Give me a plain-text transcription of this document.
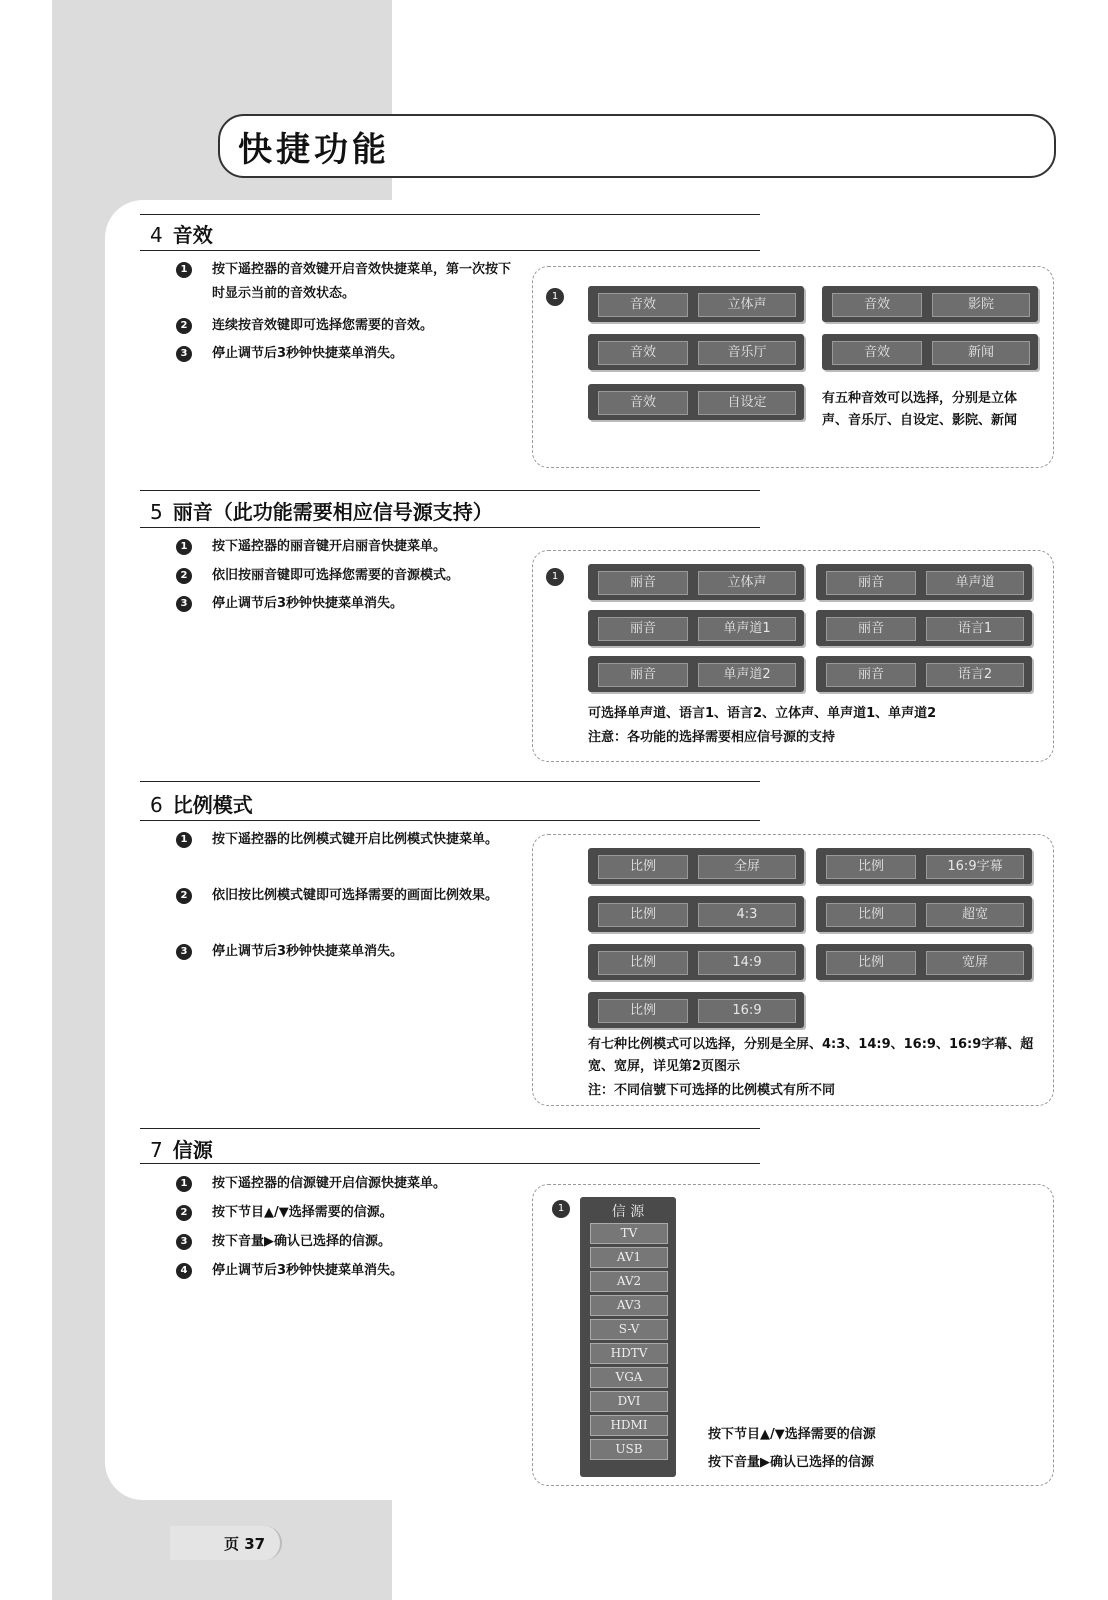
快捷功能
4 音效
1	按下遥控器的音效键开启音效快捷菜单，第一次按下时显示当前的音效状态。
2	连续按音效键即可选择您需要的音效。
3	停止调节后3秒钟快捷菜单消失。
1
音效	立体声	音效	影院
音效	音乐厅	音效	新闻
音效	自设定	有五种音效可以选择，分别是立体声、音乐厅、自设定、影院、新闻
5 丽音（此功能需要相应信号源支持）
1	按下遥控器的丽音键开启丽音快捷菜单。
2	依旧按丽音键即可选择您需要的音源模式。
3	停止调节后3秒钟快捷菜单消失。
1	丽音	立体声	丽音	单声道
丽音	单声道1	丽音	语言1
丽音	单声道2	丽音	语言2
可选择单声道、语言1、语言2、立体声、单声道1、单声道2
注意：各功能的选择需要相应信号源的支持
6 比例模式
1	按下遥控器的比例模式键开启比例模式快捷菜单。
2	依旧按比例模式键即可选择需要的画面比例效果。
3	停止调节后3秒钟快捷菜单消失。
比例	全屏	比例	16:9字幕
比例	4:3	比例	超宽
比例	14:9	比例	宽屏
比例	16:9
有七种比例模式可以选择，分别是全屏、4:3、14:9、16:9、16:9字幕、超宽、宽屏，详见第2页图示
注：不同信號下可选择的比例模式有所不同
7 信源
1	按下遥控器的信源键开启信源快捷菜单。
2	按下节目▲/▼选择需要的信源。
3	按下音量▶确认已选择的信源。
4	停止调节后3秒钟快捷菜单消失。
1	信 源
TV
AV1
AV2
AV3
S-V
HDTV
VGA
DVI
HDMI
USB
按下节目▲/▼选择需要的信源
按下音量▶确认已选择的信源
页 37
